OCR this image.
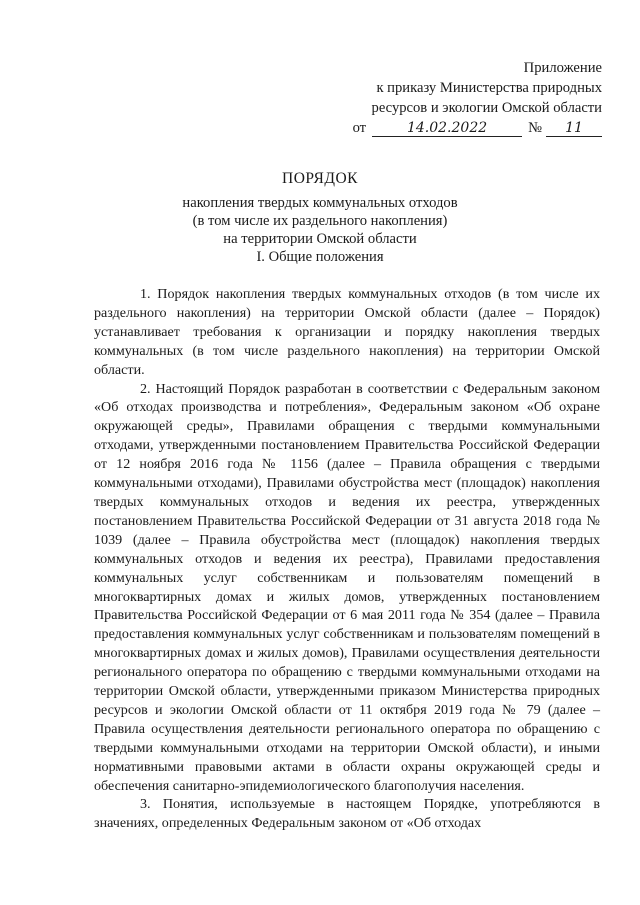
Приложение
к приказу Министерства природных
ресурсов и экологии Омской области
от	14.02.2022	№ 11
ПОРЯДОК
накопления твердых коммунальных отходов
(в том числе их раздельного накопления)
на территории Омской области
I. Общие положения

1. Порядок накопления твердых коммунальных отходов (в том числе их раздельного накопления) на территории Омской области (далее – Порядок) устанавливает требования к организации и порядку накопления твердых коммунальных (в том числе раздельного накопления) на территории Омской области.

2. Настоящий Порядок разработан в соответствии с Федеральным законом «Об отходах производства и потребления», Федеральным законом «Об охране окружающей среды», Правилами обращения с твердыми коммунальными отходами, утвержденными постановлением Правительства Российской Федерации от 12 ноября 2016 года № 1156 (далее – Правила обращения с твердыми коммунальными отходами), Правилами обустройства мест (площадок) накопления твердых коммунальных отходов и ведения их реестра, утвержденных постановлением Правительства Российской Федерации от 31 августа 2018 года № 1039 (далее – Правила обустройства мест (площадок) накопления твердых коммунальных отходов и ведения их реестра), Правилами предоставления коммунальных услуг собственникам и пользователям помещений в многоквартирных домах и жилых домов, утвержденных постановлением Правительства Российской Федерации от 6 мая 2011 года № 354 (далее – Правила предоставления коммунальных услуг собственникам и пользователям помещений в многоквартирных домах и жилых домов), Правилами осуществления деятельности регионального оператора по обращению с твердыми коммунальными отходами на территории Омской области, утвержденными приказом Министерства природных ресурсов и экологии Омской области от 11 октября 2019 года № 79 (далее – Правила осуществления деятельности регионального оператора по обращению с твердыми коммунальными отходами на территории Омской области), и иными нормативными правовыми актами в области охраны окружающей среды и обеспечения санитарно-эпидемиологического благополучия населения.

3. Понятия, используемые в настоящем Порядке, употребляются в значениях, определенных Федеральным законом от «Об отходах
